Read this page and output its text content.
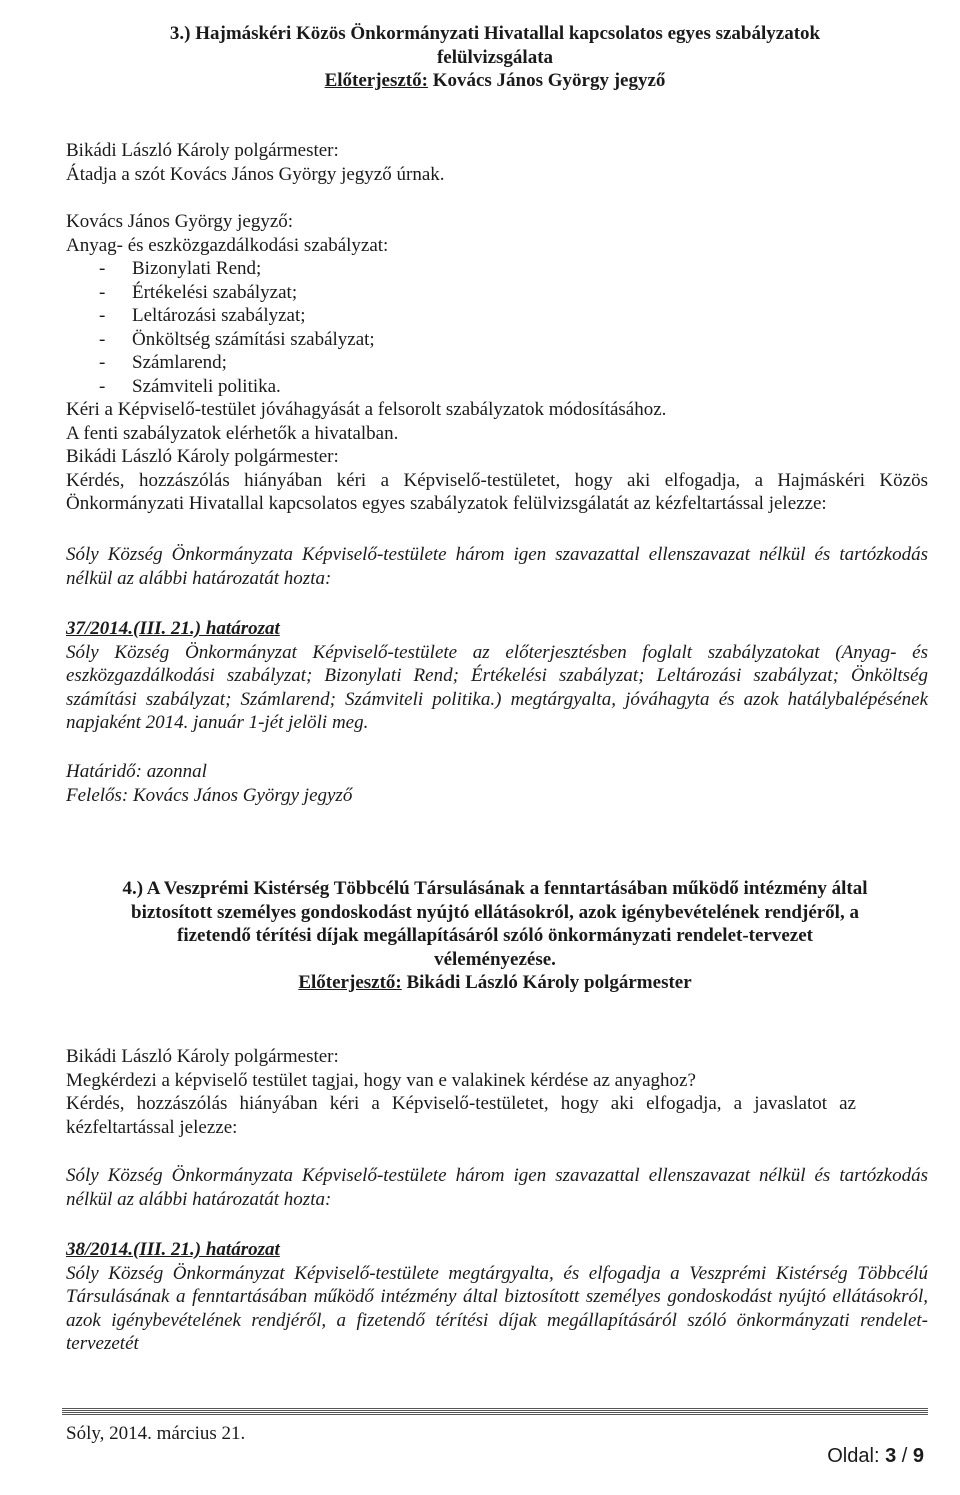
3.) Hajmáskéri Közös Önkormányzati Hivatallal kapcsolatos egyes szabályzatok
felülvizsgálata
Előterjesztő: Kovács János György jegyző
Bikádi László Károly polgármester:
Átadja a szót Kovács János György jegyző úrnak.
Kovács János György jegyző:
Anyag- és eszközgazdálkodási szabályzat:
- Bizonylati Rend;
- Értékelési szabályzat;
- Leltározási szabályzat;
- Önköltség számítási szabályzat;
- Számlarend;
- Számviteli politika.
Kéri a Képviselő-testület jóváhagyását a felsorolt szabályzatok módosításához.
A fenti szabályzatok elérhetők a hivatalban.
Bikádi László Károly polgármester:
Kérdés, hozzászólás hiányában kéri a Képviselő-testületet, hogy aki elfogadja, a Hajmáskéri Közös Önkormányzati Hivatallal kapcsolatos egyes szabályzatok felülvizsgálatát az kézfeltartással jelezze:
Sóly Község Önkormányzata Képviselő-testülete három igen szavazattal ellenszavazat nélkül és tartózkodás nélkül az alábbi határozatát hozta:
37/2014.(III. 21.) határozat
Sóly Község Önkormányzat Képviselő-testülete az előterjesztésben foglalt szabályzatokat (Anyag- és eszközgazdálkodási szabályzat; Bizonylati Rend; Értékelési szabályzat; Leltározási szabályzat; Önköltség számítási szabályzat; Számlarend; Számviteli politika.) megtárgyalta, jóváhagyta és azok hatálybalépésének napjaként 2014. január 1-jét jelöli meg.
Határidő: azonnal
Felelős: Kovács János György jegyző
4.) A Veszprémi Kistérség Többcélú Társulásának a fenntartásában működő intézmény által
biztosított személyes gondoskodást nyújtó ellátásokról, azok igénybevételének rendjéről, a
fizetendő térítési díjak megállapításáról szóló önkormányzati rendelet-tervezet
véleményezése.
Előterjesztő: Bikádi László Károly polgármester
Bikádi László Károly polgármester:
Megkérdezi a képviselő testület tagjai, hogy van e valakinek kérdése az anyaghoz?
Kérdés, hozzászólás hiányában kéri a Képviselő-testületet, hogy aki elfogadja, a javaslatot az kézfeltartással jelezze:
Sóly Község Önkormányzata Képviselő-testülete három igen szavazattal ellenszavazat nélkül és tartózkodás nélkül az alábbi határozatát hozta:
38/2014.(III. 21.) határozat
Sóly Község Önkormányzat Képviselő-testülete megtárgyalta, és elfogadja a Veszprémi Kistérség Többcélú Társulásának a fenntartásában működő intézmény által biztosított személyes gondoskodást nyújtó ellátásokról, azok igénybevételének rendjéről, a fizetendő térítési díjak megállapításáról szóló önkormányzati rendelet-tervezetét
Sóly, 2014. március 21.
Oldal: 3 / 9
